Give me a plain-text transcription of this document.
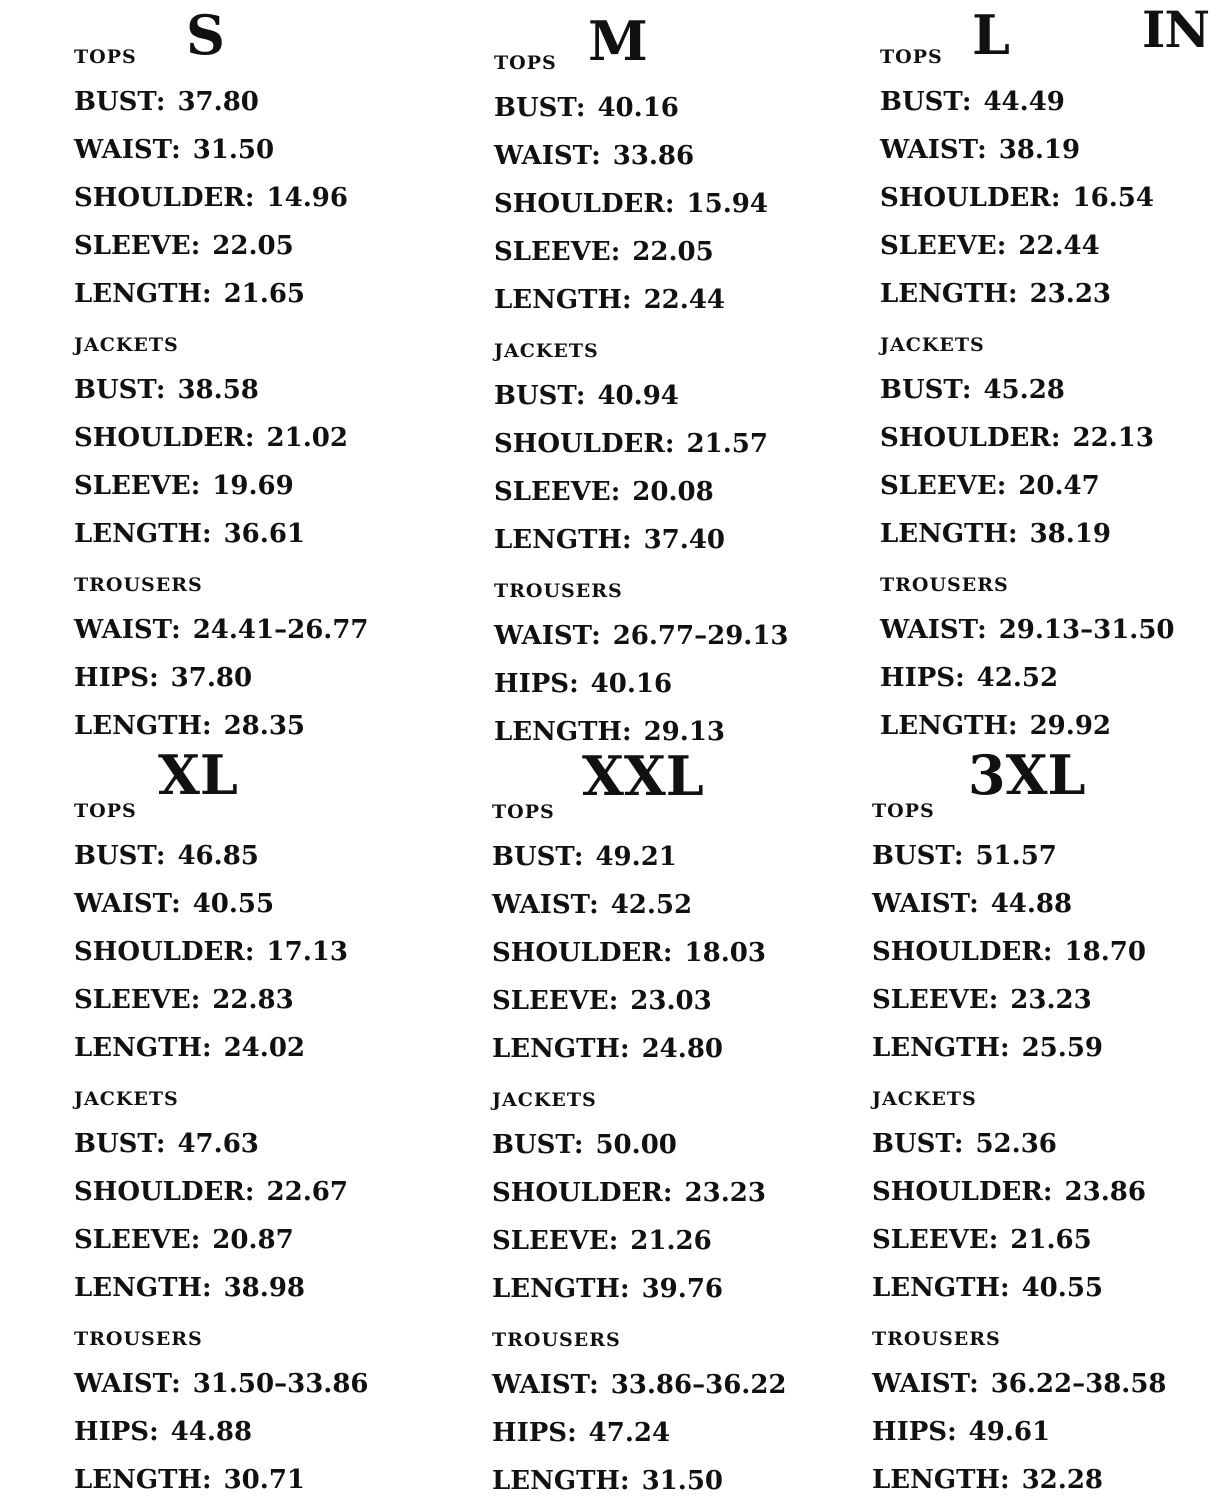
IN
S
TOPS
BUST: 37.80
WAIST: 31.50
SHOULDER: 14.96
SLEEVE: 22.05
LENGTH: 21.65
JACKETS
BUST: 38.58
SHOULDER: 21.02
SLEEVE: 19.69
LENGTH: 36.61
TROUSERS
WAIST: 24.41–26.77
HIPS: 37.80
LENGTH: 28.35
M
TOPS
BUST: 40.16
WAIST: 33.86
SHOULDER: 15.94
SLEEVE: 22.05
LENGTH: 22.44
JACKETS
BUST: 40.94
SHOULDER: 21.57
SLEEVE: 20.08
LENGTH: 37.40
TROUSERS
WAIST: 26.77–29.13
HIPS: 40.16
LENGTH: 29.13
L
TOPS
BUST: 44.49
WAIST: 38.19
SHOULDER: 16.54
SLEEVE: 22.44
LENGTH: 23.23
JACKETS
BUST: 45.28
SHOULDER: 22.13
SLEEVE: 20.47
LENGTH: 38.19
TROUSERS
WAIST: 29.13–31.50
HIPS: 42.52
LENGTH: 29.92
XL
TOPS
BUST: 46.85
WAIST: 40.55
SHOULDER: 17.13
SLEEVE: 22.83
LENGTH: 24.02
JACKETS
BUST: 47.63
SHOULDER: 22.67
SLEEVE: 20.87
LENGTH: 38.98
TROUSERS
WAIST: 31.50–33.86
HIPS: 44.88
LENGTH: 30.71
XXL
TOPS
BUST: 49.21
WAIST: 42.52
SHOULDER: 18.03
SLEEVE: 23.03
LENGTH: 24.80
JACKETS
BUST: 50.00
SHOULDER: 23.23
SLEEVE: 21.26
LENGTH: 39.76
TROUSERS
WAIST: 33.86–36.22
HIPS: 47.24
LENGTH: 31.50
3XL
TOPS
BUST: 51.57
WAIST: 44.88
SHOULDER: 18.70
SLEEVE: 23.23
LENGTH: 25.59
JACKETS
BUST: 52.36
SHOULDER: 23.86
SLEEVE: 21.65
LENGTH: 40.55
TROUSERS
WAIST: 36.22–38.58
HIPS: 49.61
LENGTH: 32.28
